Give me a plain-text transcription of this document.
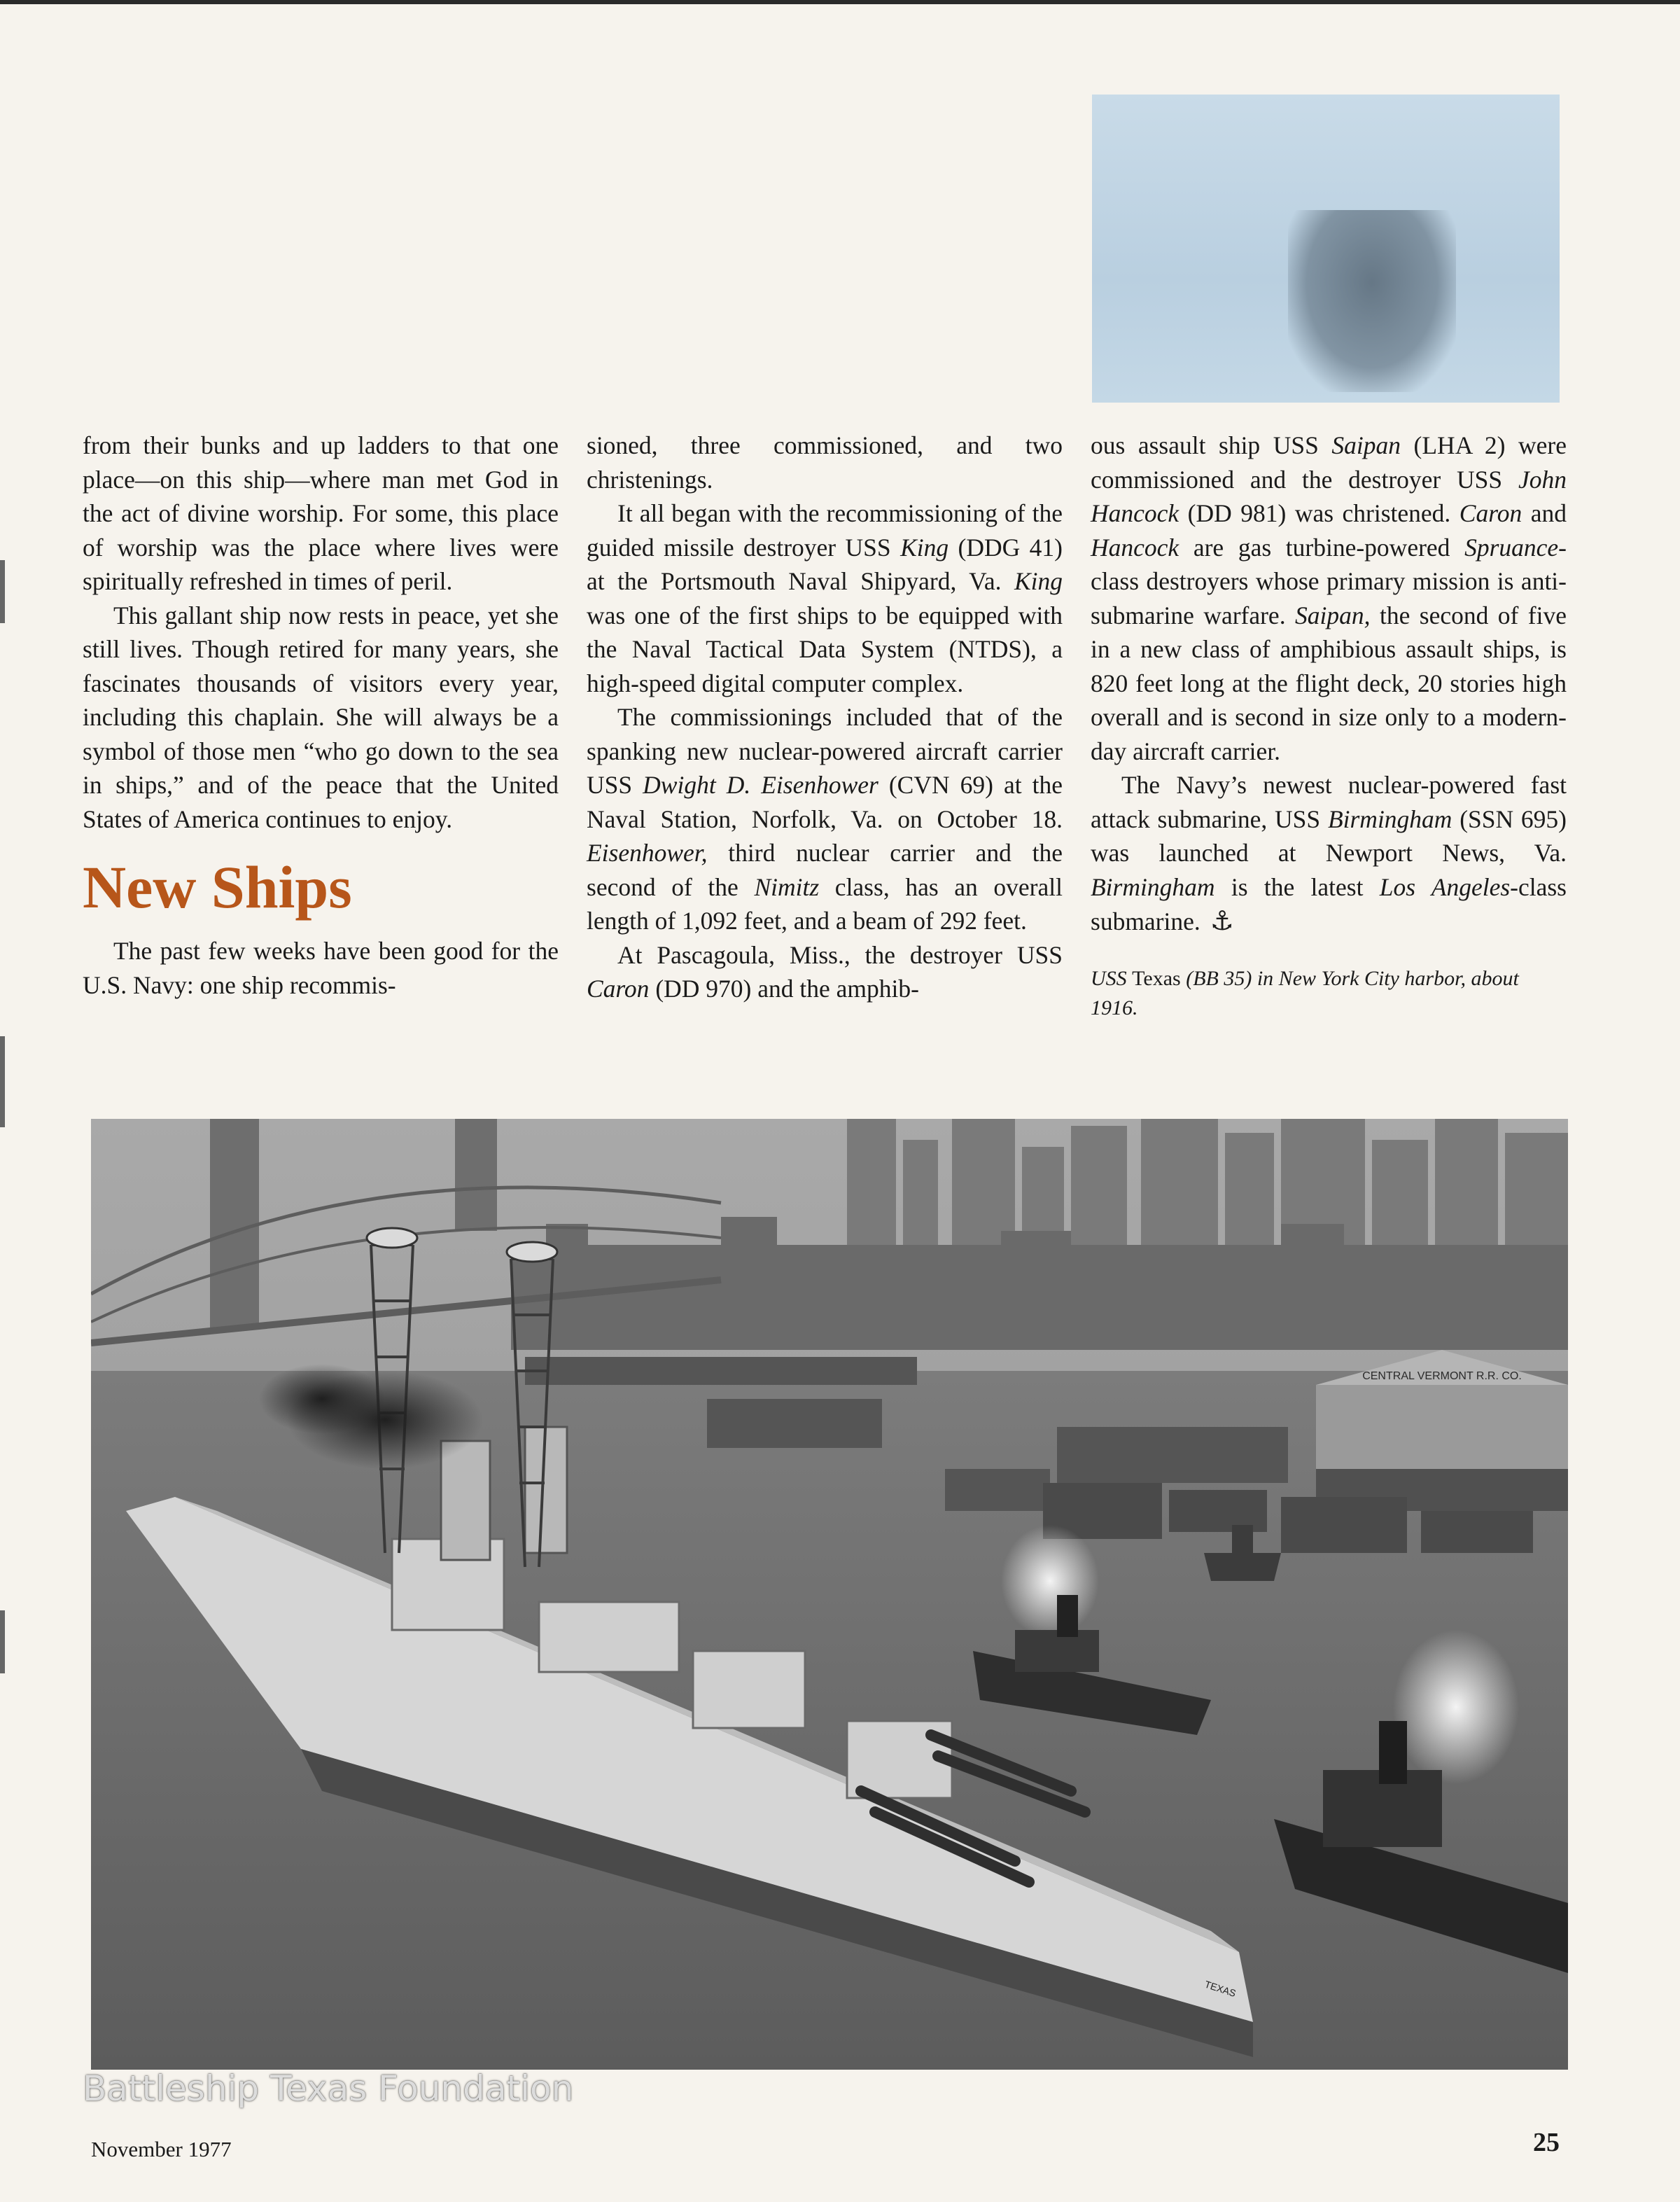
from their bunks and up ladders to that one place—on this ship—where man met God in the act of divine worship. For some, this place of worship was the place where lives were spiritually refreshed in times of peril.

This gallant ship now rests in peace, yet she still lives. Though retired for many years, she fascinates thousands of visitors every year, including this chaplain. She will always be a symbol of those men “who go down to the sea in ships,” and of the peace that the United States of America continues to enjoy.

New Ships

The past few weeks have been good for the U.S. Navy: one ship recommis-

sioned, three commissioned, and two christenings.

It all began with the recommissioning of the guided missile destroyer USS King (DDG 41) at the Portsmouth Naval Shipyard, Va. King was one of the first ships to be equipped with the Naval Tactical Data System (NTDS), a high-speed digital computer complex.

The commissionings included that of the spanking new nuclear-powered aircraft carrier USS Dwight D. Eisenhower (CVN 69) at the Naval Station, Norfolk, Va. on October 18. Eisenhower, third nuclear carrier and the second of the Nimitz class, has an overall length of 1,092 feet, and a beam of 292 feet.

At Pascagoula, Miss., the destroyer USS Caron (DD 970) and the amphib-

ous assault ship USS Saipan (LHA 2) were commissioned and the destroyer USS John Hancock (DD 981) was christened. Caron and Hancock are gas turbine-powered Spruance-class destroyers whose primary mission is anti-submarine warfare. Saipan, the second of five in a new class of amphibious assault ships, is 820 feet long at the flight deck, 20 stories high overall and is second in size only to a modern-day aircraft carrier.

The Navy’s newest nuclear-powered fast attack submarine, USS Birmingham (SSN 695) was launched at Newport News, Va. Birmingham is the latest Los Angeles-class submarine. ⚓

USS Texas (BB 35) in New York City harbor, about 1916.
CENTRAL VERMONT R.R. CO.
TEXAS
Battleship Texas Foundation
November 1977	25
